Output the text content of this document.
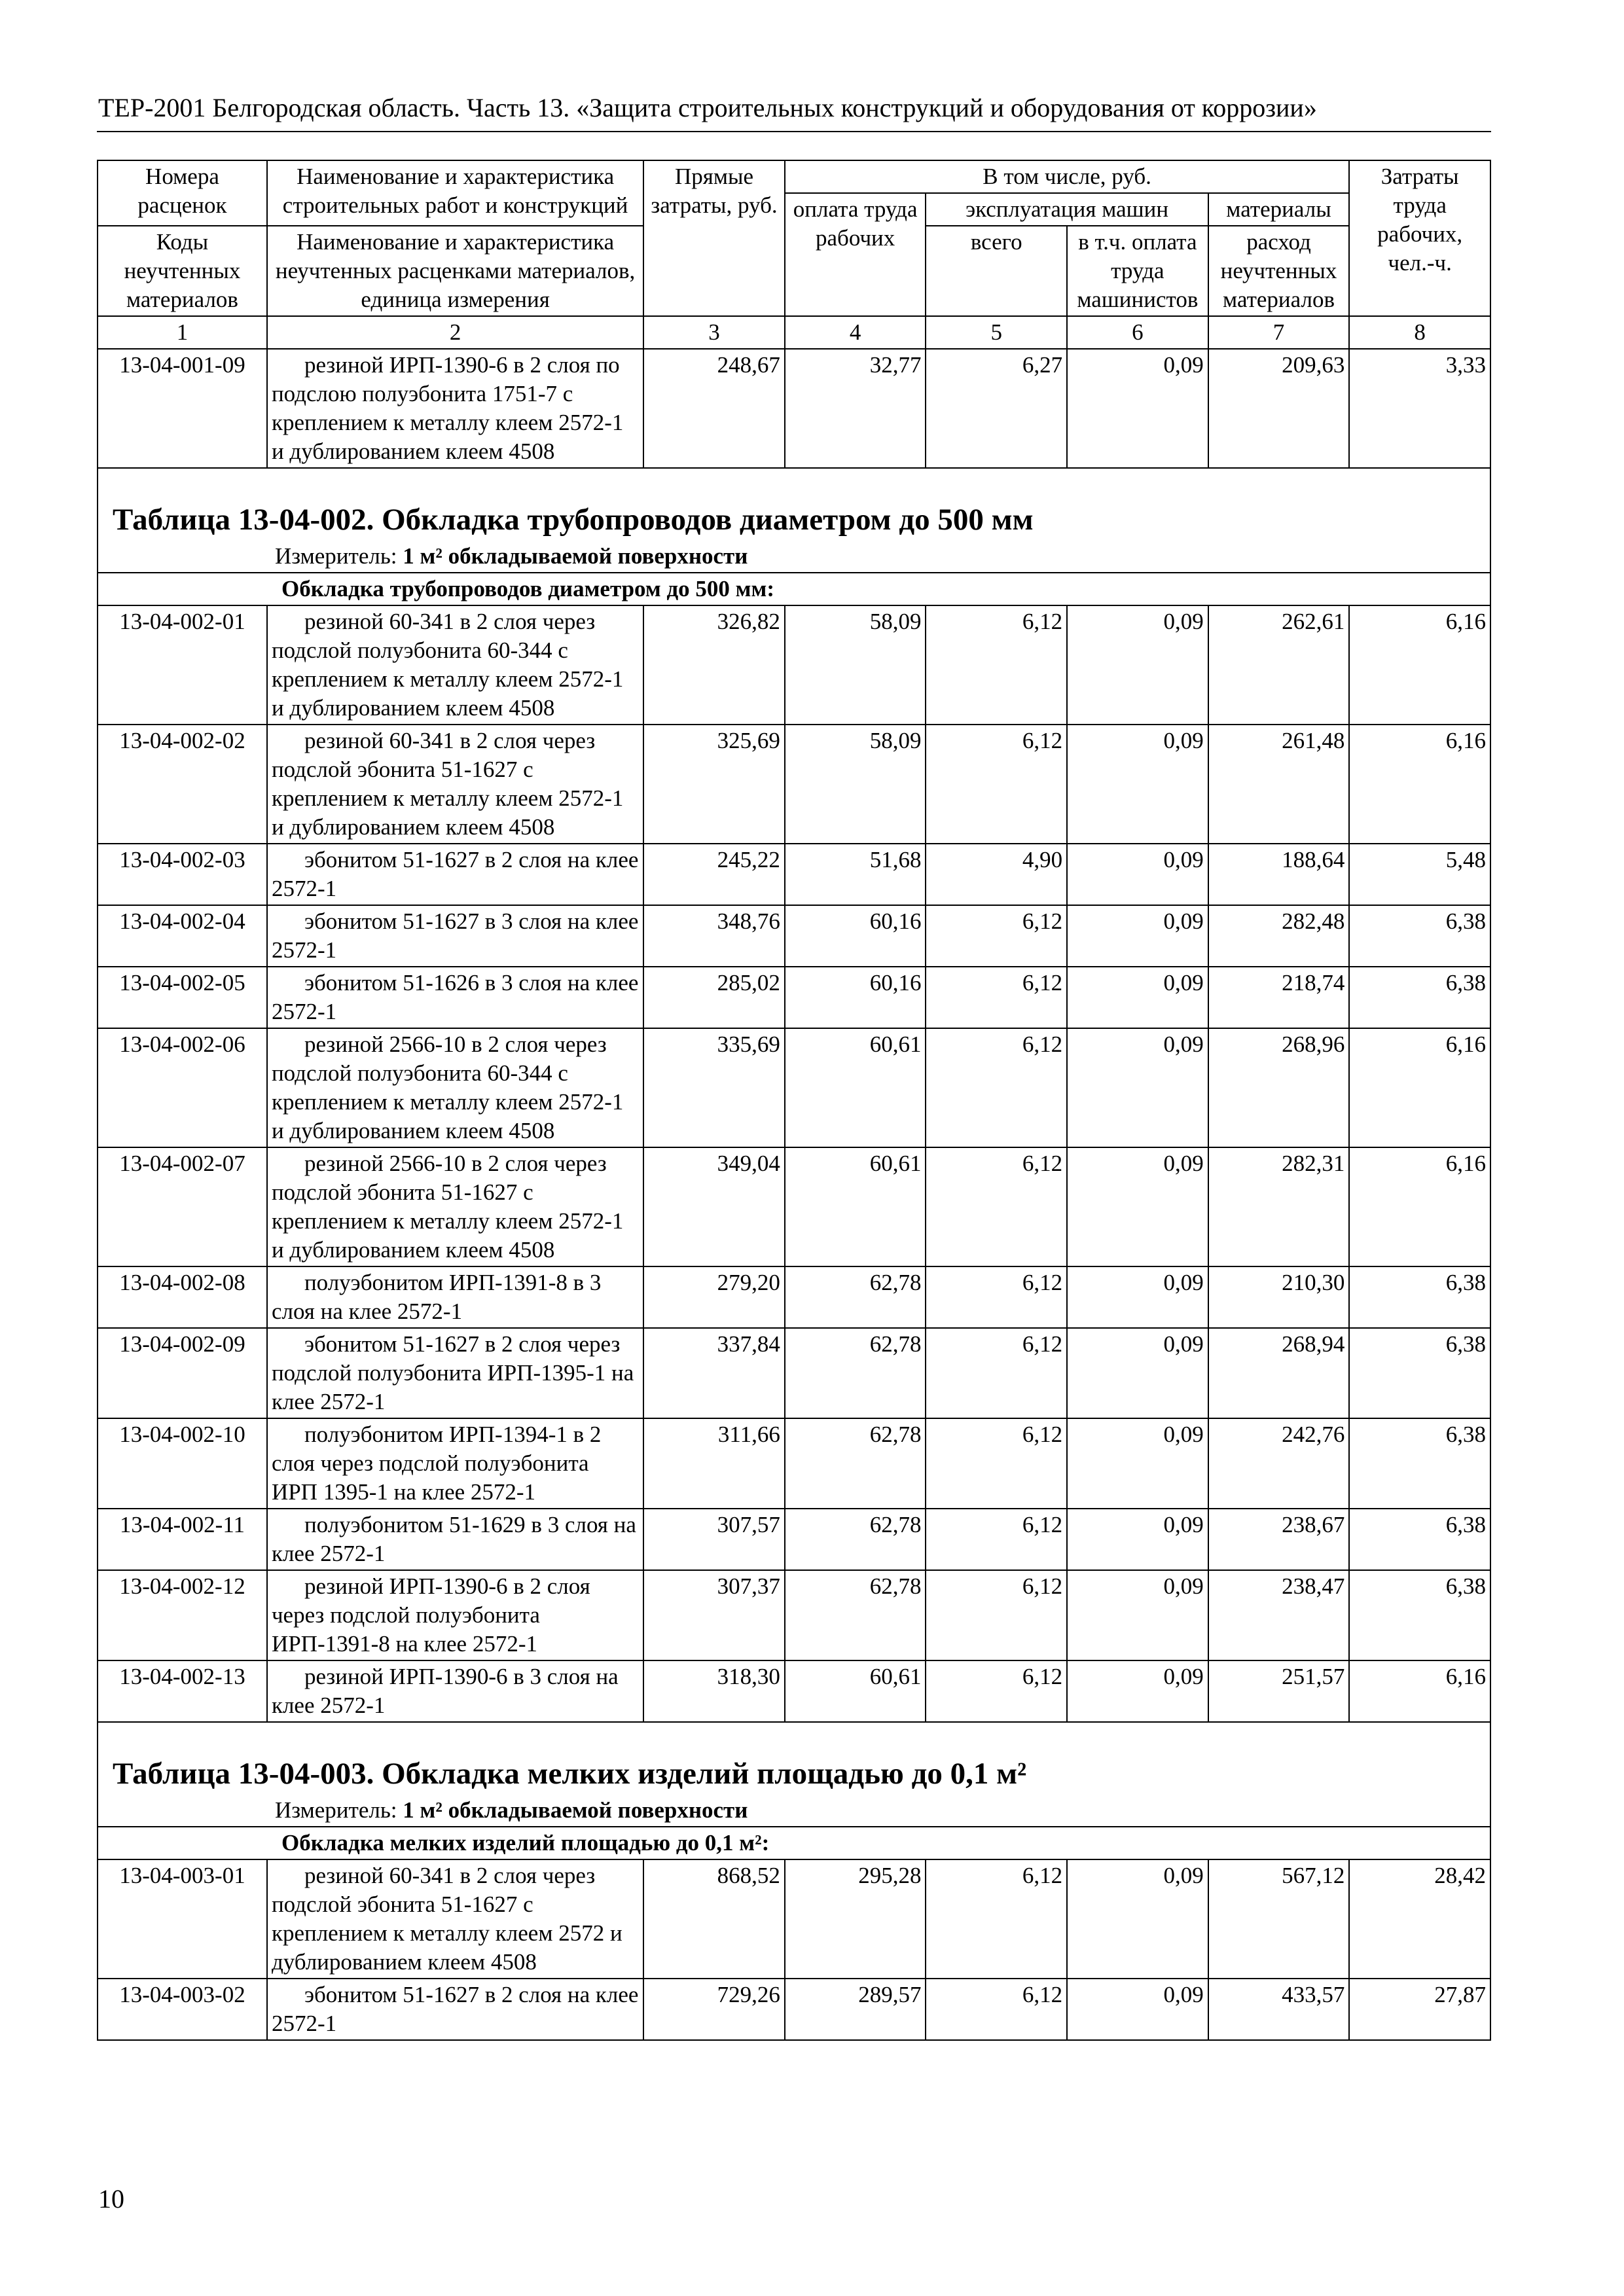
ТЕР-2001 Белгородская область. Часть 13. «Защита строительных конструкций и оборудования от коррозии»
Номера расценок	Наименование и характеристика строительных работ и конструкций	Прямые затраты, руб.	В том числе, руб.				Затраты труда рабочих, чел.-ч.
			оплата труда рабочих	эксплуатация машин		материалы	
				всего	в т.ч. оплата труда машинистов	расход неучтенных материалов	
Коды неучтенных материалов	Наименование и характеристика неучтенных расценками материалов, единица измерения						
1	2	3	4	5	6	7	8
13-04-001-09	резиной ИРП-1390-6 в 2 слоя по подслою полуэбонита 1751-7 с креплением к металлу клеем 2572-1 и дублированием клеем 4508	248,67	32,77	6,27	0,09	209,63	3,33
Таблица 13-04-002. Обкладка трубопроводов диаметром до 500 мм							
Измеритель: 1 м² обкладываемой поверхности							
Обкладка трубопроводов диаметром до 500 мм:							
13-04-002-01	резиной 60-341 в 2 слоя через подслой полуэбонита 60-344 с креплением к металлу клеем 2572-1 и дублированием клеем 4508	326,82	58,09	6,12	0,09	262,61	6,16
13-04-002-02	резиной 60-341 в 2 слоя через подслой эбонита 51-1627 с креплением к металлу клеем 2572-1 и дублированием клеем 4508	325,69	58,09	6,12	0,09	261,48	6,16
13-04-002-03	эбонитом 51-1627 в 2 слоя на клее 2572-1	245,22	51,68	4,90	0,09	188,64	5,48
13-04-002-04	эбонитом 51-1627 в 3 слоя на клее 2572-1	348,76	60,16	6,12	0,09	282,48	6,38
13-04-002-05	эбонитом 51-1626 в 3 слоя на клее 2572-1	285,02	60,16	6,12	0,09	218,74	6,38
13-04-002-06	резиной 2566-10 в 2 слоя через подслой полуэбонита 60-344 с креплением к металлу клеем 2572-1 и дублированием клеем 4508	335,69	60,61	6,12	0,09	268,96	6,16
13-04-002-07	резиной 2566-10 в 2 слоя через подслой эбонита 51-1627 с креплением к металлу клеем 2572-1 и дублированием клеем 4508	349,04	60,61	6,12	0,09	282,31	6,16
13-04-002-08	полуэбонитом ИРП-1391-8 в 3 слоя на клее 2572-1	279,20	62,78	6,12	0,09	210,30	6,38
13-04-002-09	эбонитом 51-1627 в 2 слоя через подслой полуэбонита ИРП-1395-1 на клее 2572-1	337,84	62,78	6,12	0,09	268,94	6,38
13-04-002-10	полуэбонитом ИРП-1394-1 в 2 слоя через подслой полуэбонита ИРП 1395-1 на клее 2572-1	311,66	62,78	6,12	0,09	242,76	6,38
13-04-002-11	полуэбонитом 51-1629 в 3 слоя на клее 2572-1	307,57	62,78	6,12	0,09	238,67	6,38
13-04-002-12	резиной ИРП-1390-6 в 2 слоя через подслой полуэбонита ИРП-1391-8 на клее 2572-1	307,37	62,78	6,12	0,09	238,47	6,38
13-04-002-13	резиной ИРП-1390-6 в 3 слоя на клее 2572-1	318,30	60,61	6,12	0,09	251,57	6,16
Таблица 13-04-003. Обкладка мелких изделий площадью до 0,1 м²							
Измеритель: 1 м² обкладываемой поверхности							
Обкладка мелких изделий площадью до 0,1 м²:							
13-04-003-01	резиной 60-341 в 2 слоя через подслой эбонита 51-1627 с креплением к металлу клеем 2572 и дублированием клеем 4508	868,52	295,28	6,12	0,09	567,12	28,42
13-04-003-02	эбонитом 51-1627 в 2 слоя на клее 2572-1	729,26	289,57	6,12	0,09	433,57	27,87
10
